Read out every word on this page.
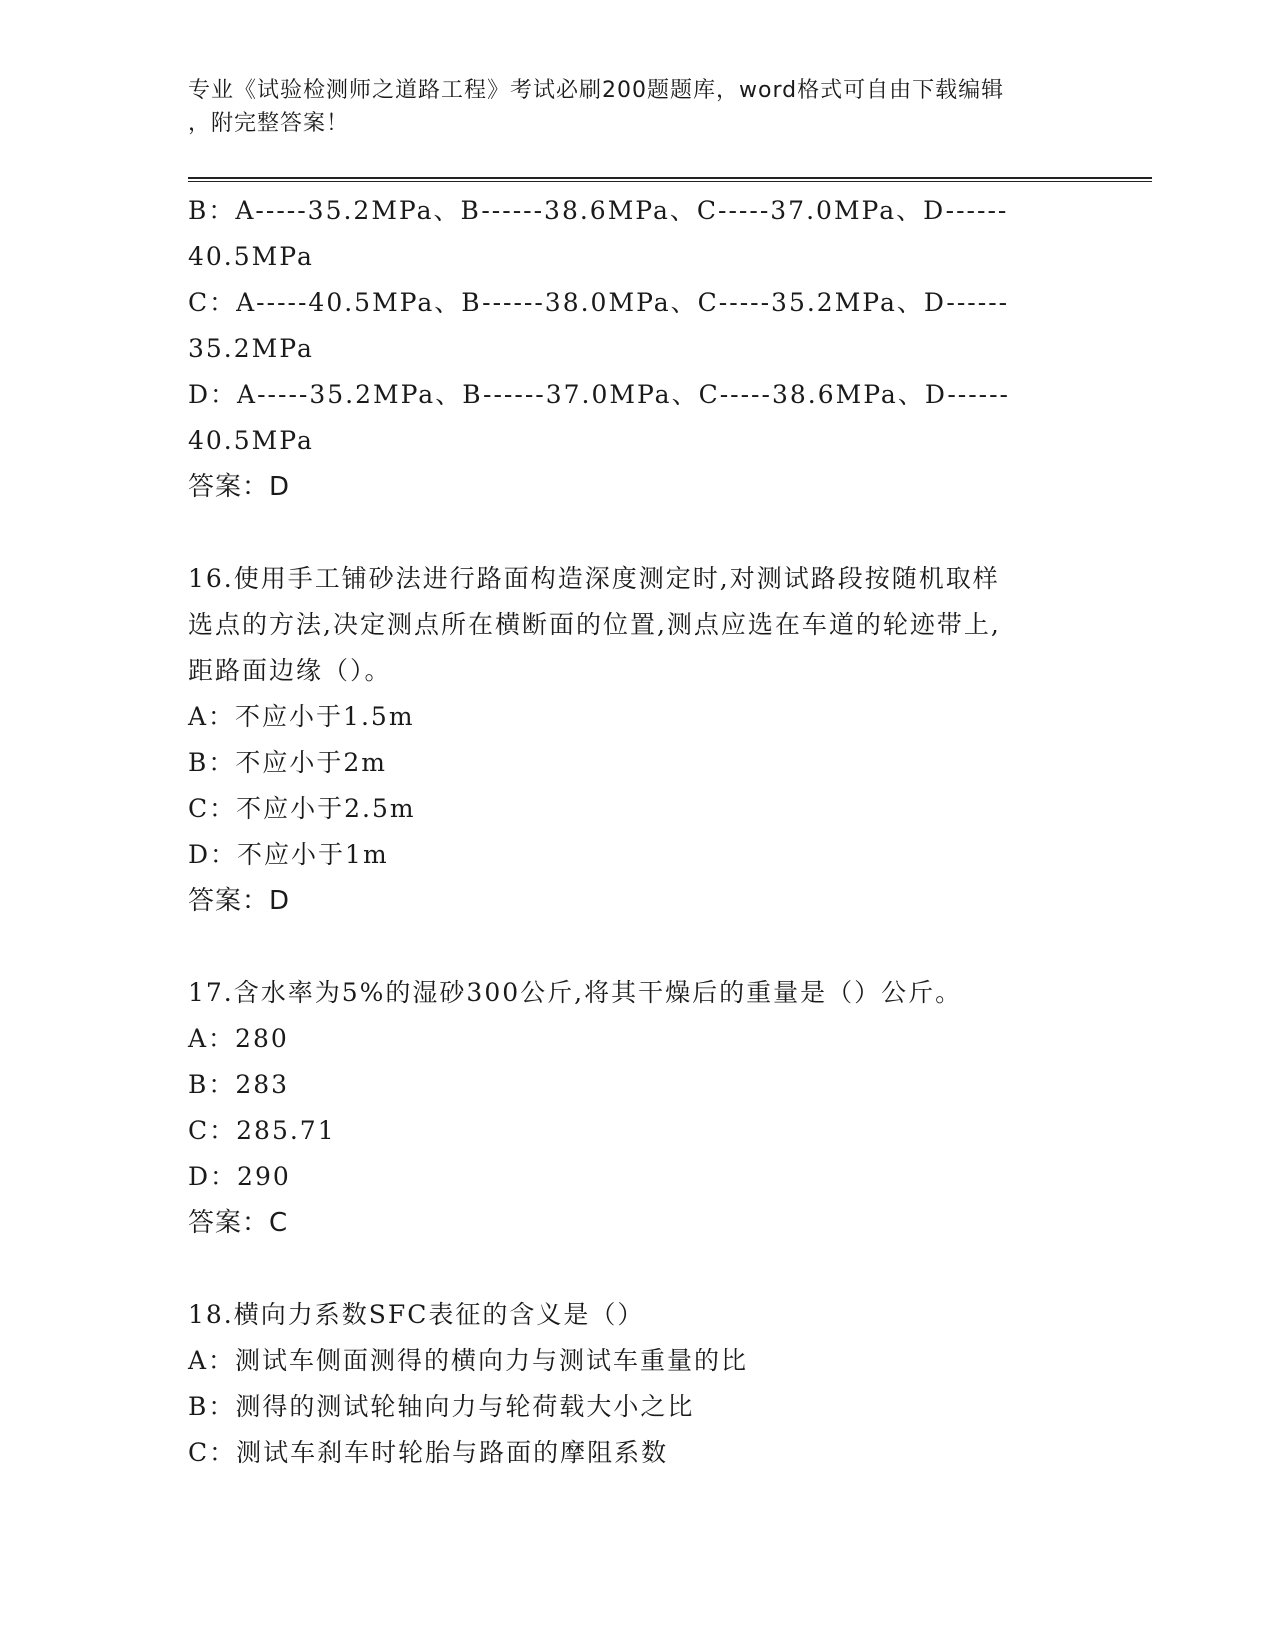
专业《试验检测师之道路工程》考试必刷200题题库，word格式可自由下载编辑
，附完整答案！
B：A-----35.2MPa、B------38.6MPa、C-----37.0MPa、D------
40.5MPa
C：A-----40.5MPa、B------38.0MPa、C-----35.2MPa、D------
35.2MPa
D：A-----35.2MPa、B------37.0MPa、C-----38.6MPa、D------
40.5MPa
答案：D
16.使用手工铺砂法进行路面构造深度测定时,对测试路段按随机取样
选点的方法,决定测点所在横断面的位置,测点应选在车道的轮迹带上,
距路面边缘（）。
A：不应小于1.5m
B：不应小于2m
C：不应小于2.5m
D：不应小于1m
答案：D
17.含水率为5%的湿砂300公斤,将其干燥后的重量是（）公斤。
A：280
B：283
C：285.71
D：290
答案：C
18.横向力系数SFC表征的含义是（）
A：测试车侧面测得的横向力与测试车重量的比
B：测得的测试轮轴向力与轮荷载大小之比
C：测试车刹车时轮胎与路面的摩阻系数
